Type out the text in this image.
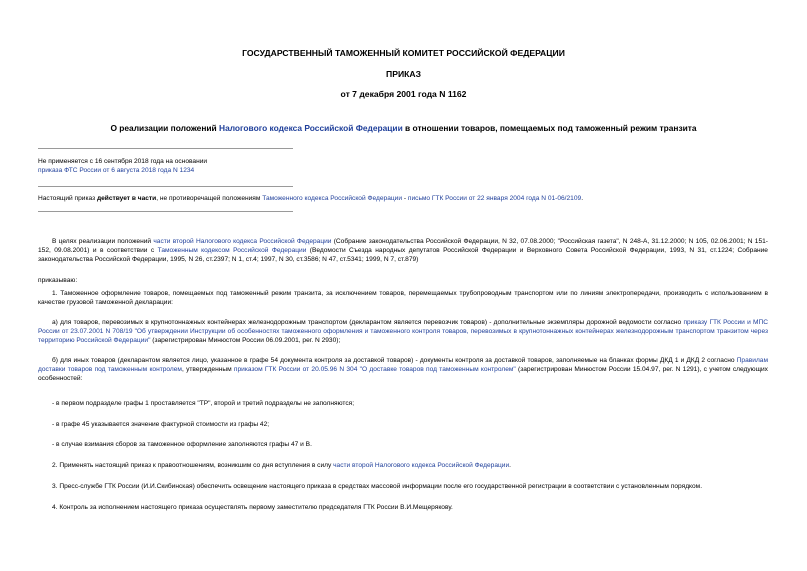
ГОСУДАРСТВЕННЫЙ ТАМОЖЕННЫЙ КОМИТЕТ РОССИЙСКОЙ ФЕДЕРАЦИИ
ПРИКАЗ
от 7 декабря 2001 года N 1162
О реализации положений Налогового кодекса Российской Федерации в отношении товаров, помещаемых под таможенный режим транзита
Не применяется с 16 сентября 2018 года на основании
приказа ФТС России от 6 августа 2018 года N 1234
Настоящий приказ действует в части, не противоречащей положениям Таможенного кодекса Российской Федерации - письмо ГТК России от 22 января 2004 года N 01-06/2109.
В целях реализации положений части второй Налогового кодекса Российской Федерации (Собрание законодательства Российской Федерации, N 32, 07.08.2000; "Российская газета", N 248-А, 31.12.2000; N 105, 02.06.2001; N 151-152, 09.08.2001) и в соответствии с Таможенным кодексом Российской Федерации (Ведомости Съезда народных депутатов Российской Федерации и Верховного Совета Российской Федерации, 1993, N 31, ст.1224; Собрание законодательства Российской Федерации, 1995, N 26, ст.2397; N 1, ст.4; 1997, N 30, ст.3586; N 47, ст.5341; 1999, N 7, ст.879)
приказываю:
1. Таможенное оформление товаров, помещаемых под таможенный режим транзита, за исключением товаров, перемещаемых трубопроводным транспортом или по линиям электропередачи, производить с использованием в качестве грузовой таможенной декларации:
а) для товаров, перевозимых в крупнотоннажных контейнерах железнодорожным транспортом (декларантом является перевозчик товаров) - дополнительные экземпляры дорожной ведомости согласно приказу ГТК России и МПС России от 23.07.2001 N 708/19 "Об утверждении Инструкции об особенностях таможенного оформления и таможенного контроля товаров, перевозимых в крупнотоннажных контейнерах железнодорожным транспортом транзитом через территорию Российской Федерации" (зарегистрирован Минюстом России 06.09.2001, рег. N 2930);
б) для иных товаров (декларантом является лицо, указанное в графе 54 документа контроля за доставкой товаров) - документы контроля за доставкой товаров, заполняемые на бланках формы ДКД 1 и ДКД 2 согласно Правилам доставки товаров под таможенным контролем, утвержденным приказом ГТК России от 20.05.96 N 304 "О доставке товаров под таможенным контролем" (зарегистрирован Минюстом России 15.04.97, рег. N 1291), с учетом следующих особенностей:
- в первом подразделе графы 1 проставляется "ТР", второй и третий подразделы не заполняются;
- в графе 45 указывается значение фактурной стоимости из графы 42;
- в случае взимания сборов за таможенное оформление заполняются графы 47 и В.
2. Применять настоящий приказ к правоотношениям, возникшим со дня вступления в силу части второй Налогового кодекса Российской Федерации.
3. Пресс-службе ГТК России (И.И.Скибинская) обеспечить освещение настоящего приказа в средствах массовой информации после его государственной регистрации в соответствии с установленным порядком.
4. Контроль за исполнением настоящего приказа осуществлять первому заместителю председателя ГТК России В.И.Мещерякову.
